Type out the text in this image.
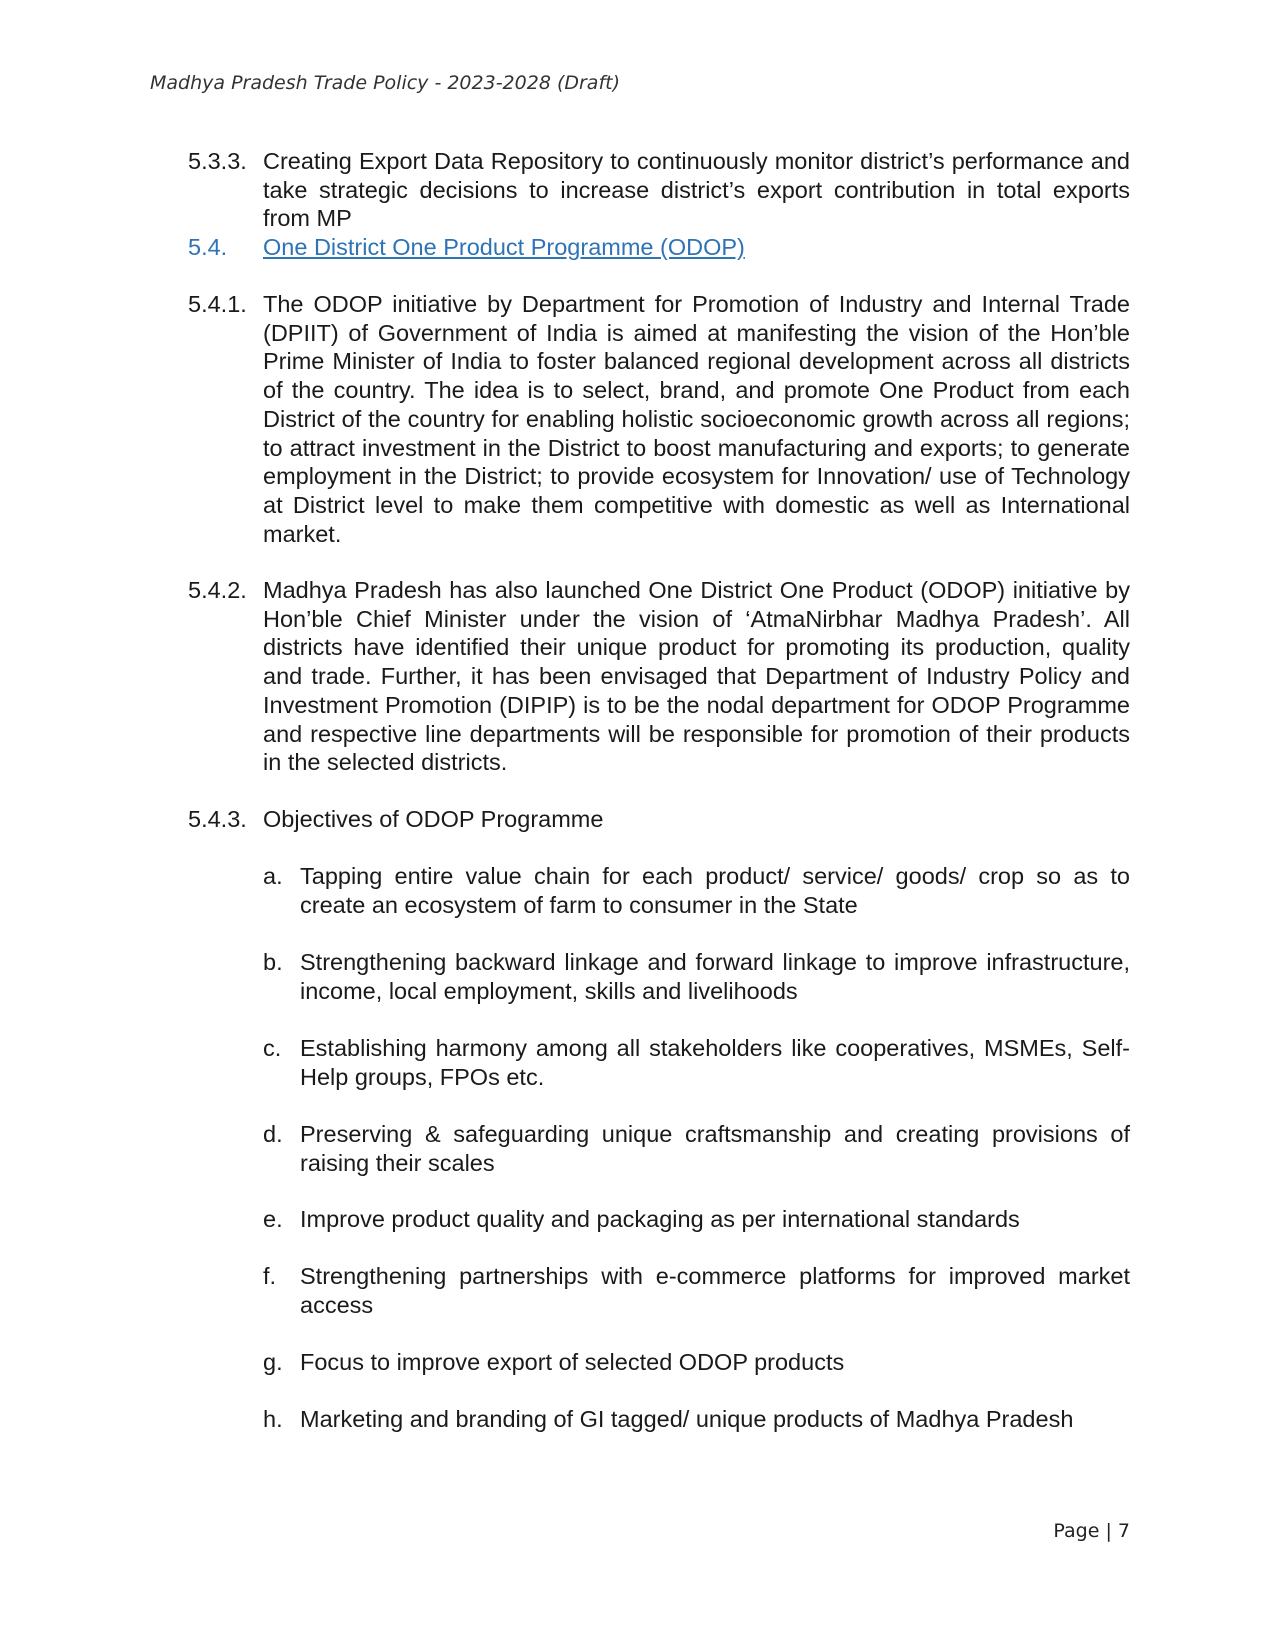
Madhya Pradesh Trade Policy - 2023-2028 (Draft)
5.3.3. Creating Export Data Repository to continuously monitor district’s performance and take strategic decisions to increase district’s export contribution in total exports from MP
5.4. One District One Product Programme (ODOP)
5.4.1. The ODOP initiative by Department for Promotion of Industry and Internal Trade (DPIIT) of Government of India is aimed at manifesting the vision of the Hon’ble Prime Minister of India to foster balanced regional development across all districts of the country. The idea is to select, brand, and promote One Product from each District of the country for enabling holistic socioeconomic growth across all regions; to attract investment in the District to boost manufacturing and exports; to generate employment in the District; to provide ecosystem for Innovation/ use of Technology at District level to make them competitive with domestic as well as International market.
5.4.2. Madhya Pradesh has also launched One District One Product (ODOP) initiative by Hon’ble Chief Minister under the vision of ‘AtmaNirbhar Madhya Pradesh’. All districts have identified their unique product for promoting its production, quality and trade. Further, it has been envisaged that Department of Industry Policy and Investment Promotion (DIPIP) is to be the nodal department for ODOP Programme and respective line departments will be responsible for promotion of their products in the selected districts.
5.4.3. Objectives of ODOP Programme
a. Tapping entire value chain for each product/ service/ goods/ crop so as to create an ecosystem of farm to consumer in the State
b. Strengthening backward linkage and forward linkage to improve infrastructure, income, local employment, skills and livelihoods
c. Establishing harmony among all stakeholders like cooperatives, MSMEs, Self-Help groups, FPOs etc.
d. Preserving & safeguarding unique craftsmanship and creating provisions of raising their scales
e. Improve product quality and packaging as per international standards
f. Strengthening partnerships with e-commerce platforms for improved market access
g. Focus to improve export of selected ODOP products
h. Marketing and branding of GI tagged/ unique products of Madhya Pradesh
Page | 7
